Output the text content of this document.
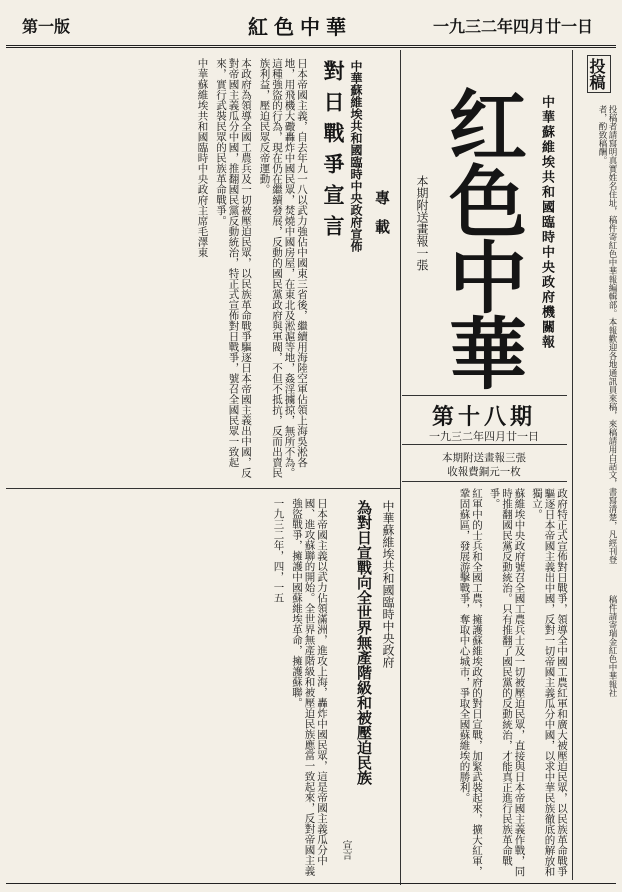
第一版	紅色中華	一九三二年四月廿一日
投稿
投稿者請寫明真實姓名住址，稿件寄紅色中華報編輯部。本報歡迎各地通訊員來稿，來稿請用白話文，書寫清楚，凡經刊登者，酌致稿酬。
稿件請寄瑞金紅色中華報社
红色中華 中華蘇維埃共和國臨時中央政府機關報
本期附送畫報一張
第十八期
一九三二年四月廿一日
本期附送畫報三張
收報費銅元一枚
專載
中華蘇維埃共和國臨時中央政府宣佈
對日戰爭宣言

日本帝國主義，自去年九一八以武力強佔中國東三省後，繼續用海陸空軍佔領上海吳淞各地，用飛機大礮轟炸中國民眾，焚燒中國房屋，在東北及淞滬等地，姦淫擄掠，無所不為。這種強盜的行為，現在仍在繼續發展，反動的國民黨政府與軍閥，不但不抵抗，反而出賣民族利益，壓迫民眾反帝運動。

本政府為領導全國工農兵及一切被壓迫民眾，以民族革命戰爭驅逐日本帝國主義出中國，反對帝國主義瓜分中國，推翻國民黨反動統治，特正式宣佈對日戰爭，號召全國民眾一致起來，實行武裝民眾的民族革命戰爭。

中華蘇維埃共和國臨時中央政府主席毛澤東

中華蘇維埃共和國臨時中央政府
為對日宣戰向全世界無產階級和被壓迫民族
宣言

日本帝國主義以武力佔領滿洲，進攻上海，轟炸中國民眾，這是帝國主義瓜分中國、進攻蘇聯的開始。全世界無產階級和被壓迫民族應當一致起來，反對帝國主義強盜戰爭，擁護中國蘇維埃革命，擁護蘇聯。

一九三二年，四，一五	政府特正式宣佈對日戰爭，領導全中國工農紅軍和廣大被壓迫民眾，以民族革命戰爭驅逐日本帝國主義出中國，反對一切帝國主義瓜分中國，以求中華民族徹底的解放和獨立。

蘇維埃中央政府號召全國工農兵士及一切被壓迫民眾，直接與日本帝國主義作戰，同時推翻國民黨反動統治。只有推翻了國民黨的反動統治，才能真正進行民族革命戰爭。

紅軍中的士兵和全國工農，擁護蘇維埃政府的對日宣戰，加緊武裝起來，擴大紅軍，鞏固蘇區，發展游擊戰爭，奪取中心城市，爭取全國蘇維埃的勝利。
